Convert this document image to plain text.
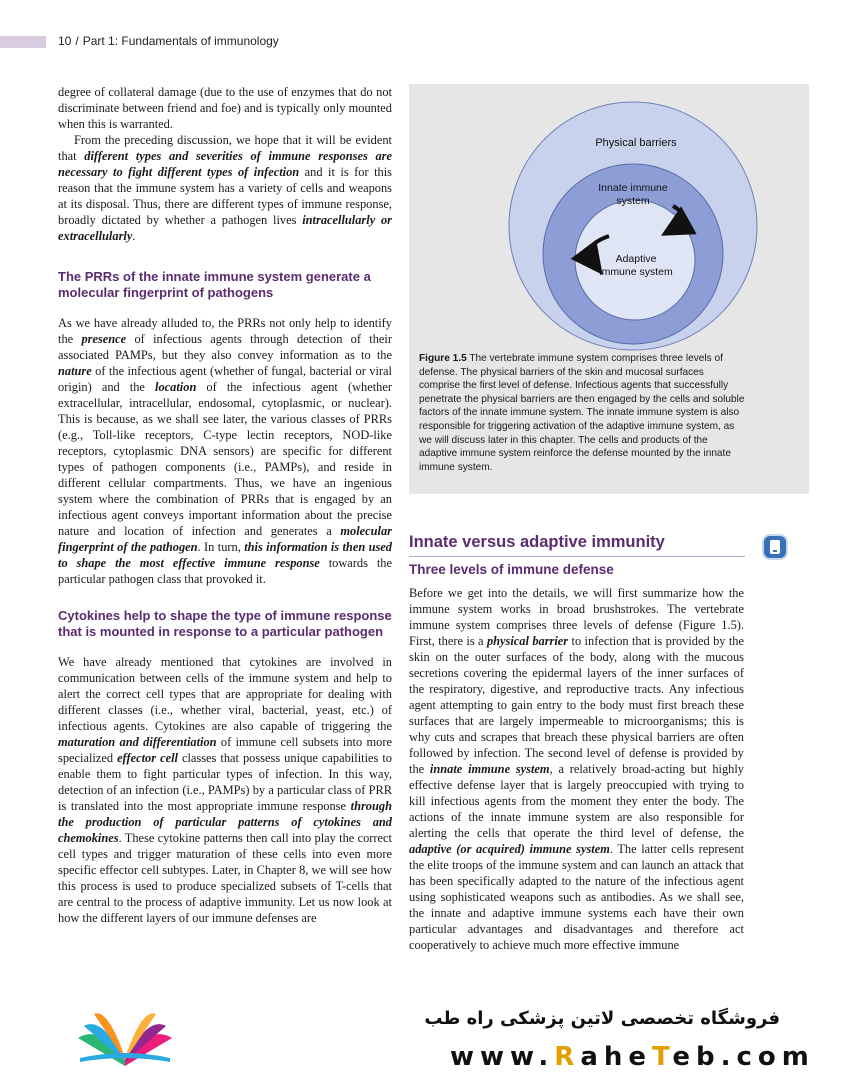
10 / Part 1: Fundamentals of immunology

degree of collateral damage (due to the use of enzymes that do not discriminate between friend and foe) and is typically only mounted when this is warranted.

From the preceding discussion, we hope that it will be evident that different types and severities of immune responses are necessary to fight different types of infection and it is for this reason that the immune system has a variety of cells and weapons at its disposal. Thus, there are different types of immune response, broadly dictated by whether a pathogen lives intracellularly or extracellularly.

The PRRs of the innate immune system generate a molecular fingerprint of pathogens

As we have already alluded to, the PRRs not only help to identify the presence of infectious agents through detection of their associated PAMPs, but they also convey information as to the nature of the infectious agent (whether of fungal, bacterial or viral origin) and the location of the infectious agent (whether extracellular, intracellular, endosomal, cytoplasmic, or nuclear). This is because, as we shall see later, the various classes of PRRs (e.g., Toll-like receptors, C-type lectin receptors, NOD-like receptors, cytoplasmic DNA sensors) are specific for different types of pathogen components (i.e., PAMPs), and reside in different cellular compartments. Thus, we have an ingenious system where the combination of PRRs that is engaged by an infectious agent conveys important information about the precise nature and location of infection and generates a molecular fingerprint of the pathogen. In turn, this information is then used to shape the most effective immune response towards the particular pathogen class that provoked it.

Cytokines help to shape the type of immune response that is mounted in response to a particular pathogen

We have already mentioned that cytokines are involved in communication between cells of the immune system and help to alert the correct cell types that are appropriate for dealing with different classes (i.e., whether viral, bacterial, yeast, etc.) of infectious agents. Cytokines are also capable of triggering the maturation and differentiation of immune cell subsets into more specialized effector cell classes that possess unique capabilities to enable them to fight particular types of infection. In this way, detection of an infection (i.e., PAMPs) by a particular class of PRR is translated into the most appropriate immune response through the production of particular patterns of cytokines and chemokines. These cytokine patterns then call into play the correct cell types and trigger maturation of these cells into even more specific effector cell subtypes. Later, in Chapter 8, we will see how this process is used to produce specialized subsets of T-cells that are central to the process of adaptive immunity. Let us now look at how the different layers of our immune defenses are

Physical barriers
Innate immune
system
Adaptive
immune system
Figure 1.5 The vertebrate immune system comprises three levels of defense. The physical barriers of the skin and mucosal surfaces comprise the first level of defense. Infectious agents that successfully penetrate the physical barriers are then engaged by the cells and soluble factors of the innate immune system. The innate immune system is also responsible for triggering activation of the adaptive immune system, as we will discuss later in this chapter. The cells and products of the adaptive immune system reinforce the defense mounted by the innate immune system.
Innate versus adaptive immunity
Three levels of immune defense

Before we get into the details, we will first summarize how the immune system works in broad brushstrokes. The vertebrate immune system comprises three levels of defense (Figure 1.5). First, there is a physical barrier to infection that is provided by the skin on the outer surfaces of the body, along with the mucous secretions covering the epidermal layers of the inner surfaces of the respiratory, digestive, and reproductive tracts. Any infectious agent attempting to gain entry to the body must first breach these surfaces that are largely impermeable to microorganisms; this is why cuts and scrapes that breach these physical barriers are often followed by infection. The second level of defense is provided by the innate immune system, a relatively broad-acting but highly effective defense layer that is largely preoccupied with trying to kill infectious agents from the moment they enter the body. The actions of the innate immune system are also responsible for alerting the cells that operate the third level of defense, the adaptive (or acquired) immune system. The latter cells represent the elite troops of the immune system and can launch an attack that has been specifically adapted to the nature of the infectious agent using sophisticated weapons such as antibodies. As we shall see, the innate and adaptive immune systems each have their own particular advantages and disadvantages and therefore act cooperatively to achieve much more effective immune

فروشگاه تخصصی لاتین پزشکی راه طب
www.RaheTeb.com
